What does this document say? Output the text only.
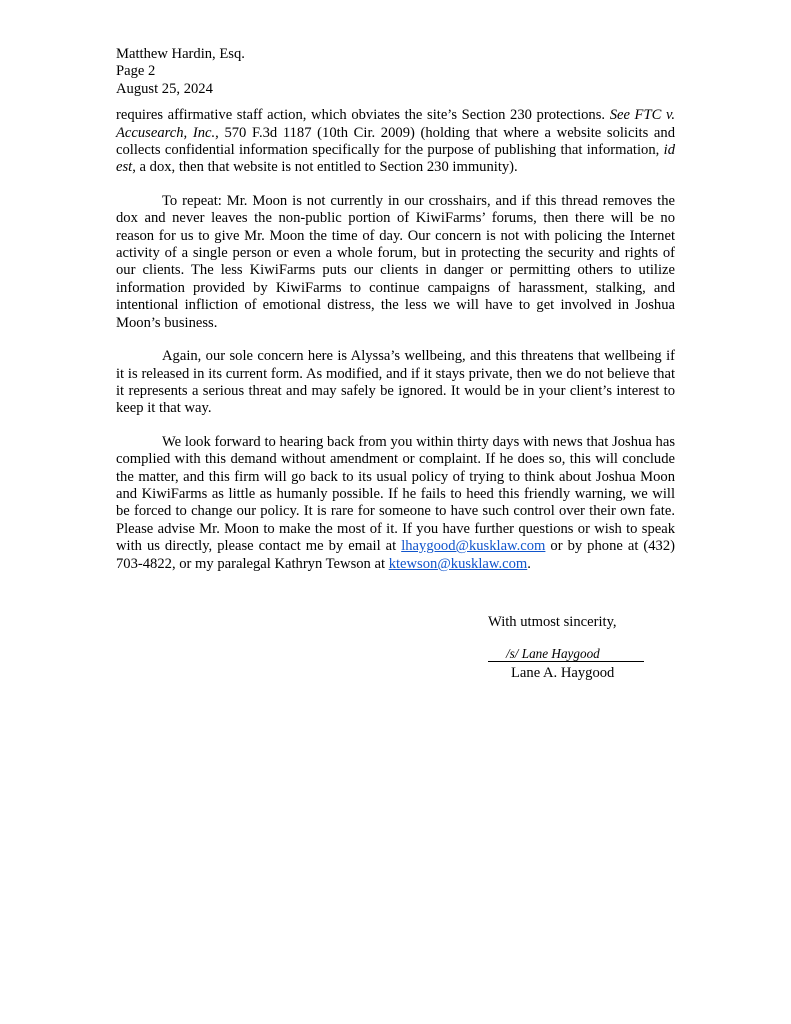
Matthew Hardin, Esq.
Page 2
August 25, 2024

requires affirmative staff action, which obviates the site’s Section 230 protections. See FTC v. Accusearch, Inc., 570 F.3d 1187 (10th Cir. 2009) (holding that where a website solicits and collects confidential information specifically for the purpose of publishing that information, id est, a dox, then that website is not entitled to Section 230 immunity).

To repeat: Mr. Moon is not currently in our crosshairs, and if this thread removes the dox and never leaves the non-public portion of KiwiFarms’ forums, then there will be no reason for us to give Mr. Moon the time of day. Our concern is not with policing the Internet activity of a single person or even a whole forum, but in protecting the security and rights of our clients. The less KiwiFarms puts our clients in danger or permitting others to utilize information provided by KiwiFarms to continue campaigns of harassment, stalking, and intentional infliction of emotional distress, the less we will have to get involved in Joshua Moon’s business.

Again, our sole concern here is Alyssa’s wellbeing, and this threatens that wellbeing if it is released in its current form. As modified, and if it stays private, then we do not believe that it represents a serious threat and may safely be ignored. It would be in your client’s interest to keep it that way.

We look forward to hearing back from you within thirty days with news that Joshua has complied with this demand without amendment or complaint. If he does so, this will conclude the matter, and this firm will go back to its usual policy of trying to think about Joshua Moon and KiwiFarms as little as humanly possible. If he fails to heed this friendly warning, we will be forced to change our policy. It is rare for someone to have such control over their own fate. Please advise Mr. Moon to make the most of it. If you have further questions or wish to speak with us directly, please contact me by email at lhaygood@kusklaw.com or by phone at (432) 703-4822, or my paralegal Kathryn Tewson at ktewson@kusklaw.com.

With utmost sincerity,
/s/ Lane Haygood
Lane A. Haygood
